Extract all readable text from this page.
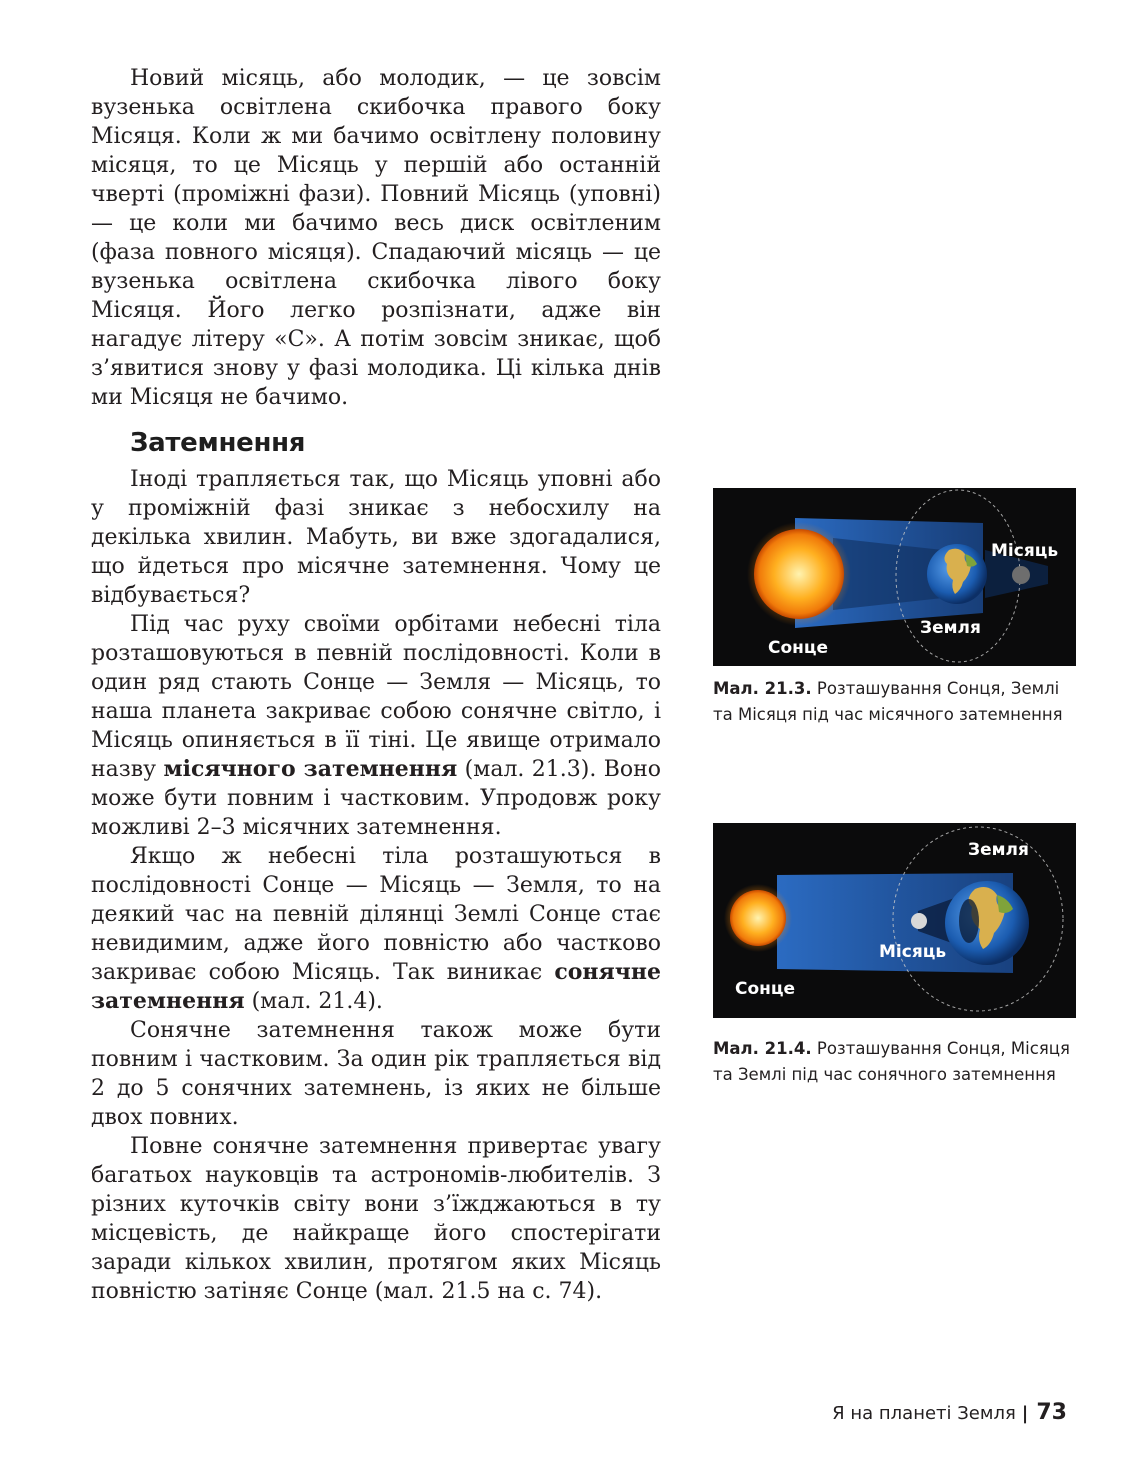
Новий місяць, або молодик, — це зовсім вузенька освітлена скибочка правого боку Місяця. Коли ж ми бачимо освітлену половину місяця, то це Місяць у першій або останній чверті (проміжні фази). Повний Місяць (уповні) — це коли ми бачимо весь диск освітленим (фаза повного місяця). Спадаючий місяць — це вузенька освітлена скибочка лівого боку Місяця. Його легко розпізнати, адже він нагадує літеру «С». А потім зовсім зникає, щоб з’явитися знову у фазі молодика. Ці кілька днів ми Місяця не бачимо.

Затемнення

Іноді трапляється так, що Місяць уповні або у проміжній фазі зникає з небосхилу на декілька хвилин. Мабуть, ви вже здогадалися, що йдеться про місячне затемнення. Чому це відбувається?

Під час руху своїми орбітами небесні тіла розташовуються в певній послідовності. Коли в один ряд стають Сонце — Земля — Місяць, то наша планета закриває собою сонячне світло, і Місяць опиняється в її тіні. Це явище отримало назву місячного затемнення (мал. 21.3). Воно може бути повним і частковим. Упродовж року можливі 2–3 місячних затемнення.

Якщо ж небесні тіла розташуються в послідовності Сонце — Місяць — Земля, то на деякий час на певній ділянці Землі Сонце стає невидимим, адже його повністю або частково закриває собою Місяць. Так виникає сонячне затемнення (мал. 21.4).

Сонячне затемнення також може бути повним і частковим. За один рік трапляється від 2 до 5 сонячних затемнень, із яких не більше двох повних.

Повне сонячне затемнення привертає увагу багатьох науковців та астрономів-любителів. З різних куточків світу вони з’їжджаються в ту місцевість, де найкраще його спостерігати заради кількох хвилин, протягом яких Місяць повністю затіняє Сонце (мал. 21.5 на с. 74).

Місяць
Земля
Сонце
Мал. 21.3. Розташування Сонця, Землі та Місяця під час місячного затемнення
Земля
Місяць
Сонце
Мал. 21.4. Розташування Сонця, Місяця та Землі під час сонячного затемнення
Я на планеті Земля | 73
